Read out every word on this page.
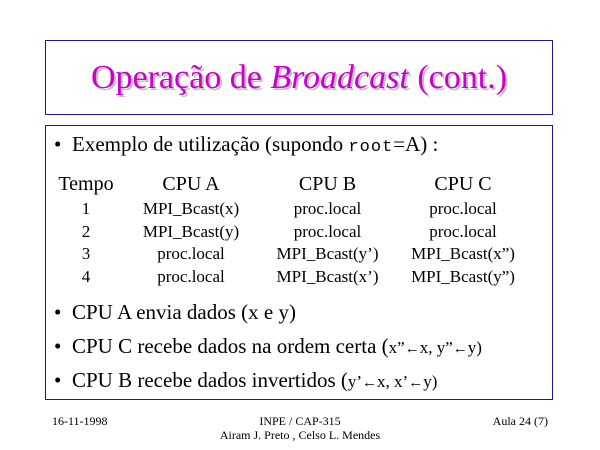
Operação de Broadcast (cont.)
• Exemplo de utilização (supondo root=A) :
Tempo	CPU A	CPU B	CPU C
1	MPI_Bcast(x)	proc.local	proc.local
2	MPI_Bcast(y)	proc.local	proc.local
3	proc.local	MPI_Bcast(y’)	MPI_Bcast(x”)
4	proc.local	MPI_Bcast(x’)	MPI_Bcast(y”)
• CPU A envia dados (x e y)
• CPU C recebe dados na ordem certa (x”←x, y”←y)
• CPU B recebe dados invertidos (y’←x, x’←y)
16-11-1998	INPE / CAP-315
Airam J. Preto , Celso L. Mendes
Aula 24 (7)
